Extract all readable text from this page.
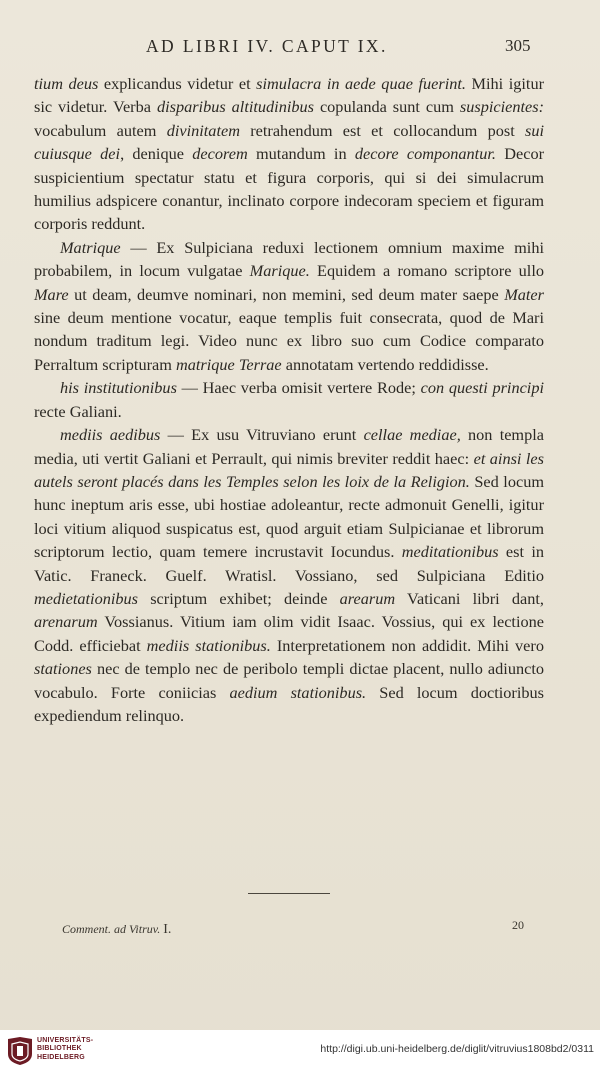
AD LIBRI IV. CAPUT IX.	305

tium deus explicandus videtur et simulacra in aede quae fuerint. Mihi igitur sic videtur. Verba disparibus altitudinibus copulanda sunt cum suspicientes: vocabulum autem divinitatem retrahendum est et collocandum post sui cuiusque dei, denique decorem mutandum in decore componantur. Decor suspicientium spectatur statu et figura corporis, qui si dei simulacrum humilius adspicere conantur, inclinato corpore indecoram speciem et figuram corporis reddunt.

Matrique — Ex Sulpiciana reduxi lectionem omnium maxime mihi probabilem, in locum vulgatae Marique. Equidem a romano scriptore ullo Mare ut deam, deumve nominari, non memini, sed deum mater saepe Mater sine deum mentione vocatur, eaque templis fuit consecrata, quod de Mari nondum traditum legi. Video nunc ex libro suo cum Codice comparato Perraltum scripturam matrique Terrae annotatam vertendo reddidisse.

his institutionibus — Haec verba omisit vertere Rode; con questi principi recte Galiani.

mediis aedibus — Ex usu Vitruviano erunt cellae mediae, non templa media, uti vertit Galiani et Perrault, qui nimis breviter reddit haec: et ainsi les autels seront placés dans les Temples selon les loix de la Religion. Sed locum hunc ineptum aris esse, ubi hostiae adoleantur, recte admonuit Genelli, igitur loci vitium aliquod suspicatus est, quod arguit etiam Sulpicianae et librorum scriptorum lectio, quam temere incrustavit Iocundus. meditationibus est in Vatic. Franeck. Guelf. Wratisl. Vossiano, sed Sulpiciana Editio medietationibus scriptum exhibet; deinde arearum Vaticani libri dant, arenarum Vossianus. Vitium iam olim vidit Isaac. Vossius, qui ex lectione Codd. efficiebat mediis stationibus. Interpretationem non addidit. Mihi vero stationes nec de templo nec de peribolo templi dictae placent, nullo adiuncto vocabulo. Forte coniicias aedium stationibus. Sed locum doctioribus expediendum relinquo.

Comment. ad Vitruv. I.	20
UNIVERSITÄTS-
BIBLIOTHEK
HEIDELBERG
http://digi.ub.uni-heidelberg.de/diglit/vitruvius1808bd2/0311
